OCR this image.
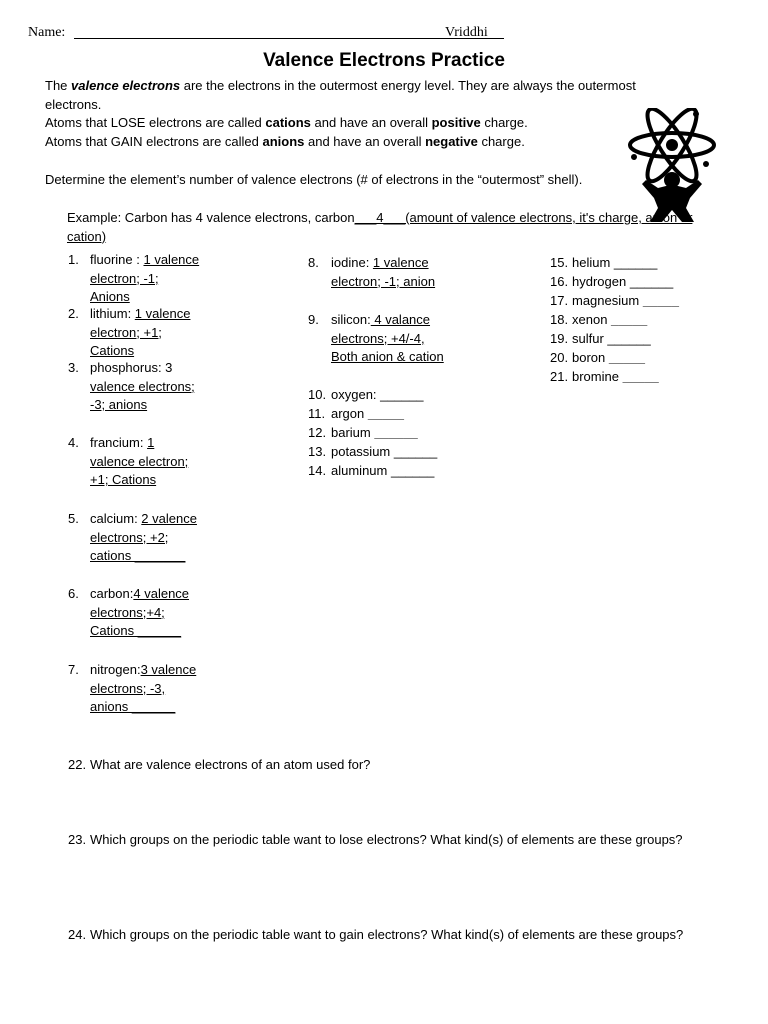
Name:	Vriddhi
Valence Electrons Practice
The valence electrons are the electrons in the outermost energy level. They are always the outermost electrons.
Atoms that LOSE electrons are called cations and have an overall positive charge.
Atoms that GAIN electrons are called anions and have an overall negative charge.
Determine the element’s number of valence electrons (# of electrons in the “outermost” shell).
Example: Carbon has 4 valence electrons, carbon___4___(amount of valence electrons, it's charge, anion or cation)
1. fluorine : 1 valence electron; -1; Anions
2. lithium: 1 valence electron; +1; Cations
3. phosphorus: 3 valence electrons; -3; anions
4. francium: 1 valence electron; +1; Cations
5. calcium: 2 valence electrons; +2; cations _______
6. carbon:4 valence electrons;+4; Cations ______
7. nitrogen:3 valence electrons; -3, anions ______
8. iodine: 1 valence electron; -1; anion
9. silicon: 4 valance electrons; +4/-4, Both anion & cation
10. oxygen: ______
11. argon _____
12. barium ______
13. potassium ______
14. aluminum ______
15. helium ______
16. hydrogen ______
17. magnesium _____
18. xenon _____
19. sulfur ______
20. boron _____
21. bromine _____
22. What are valence electrons of an atom used for?
23. Which groups on the periodic table want to lose electrons? What kind(s) of elements are these groups?
24. Which groups on the periodic table want to gain electrons? What kind(s) of elements are these groups?
